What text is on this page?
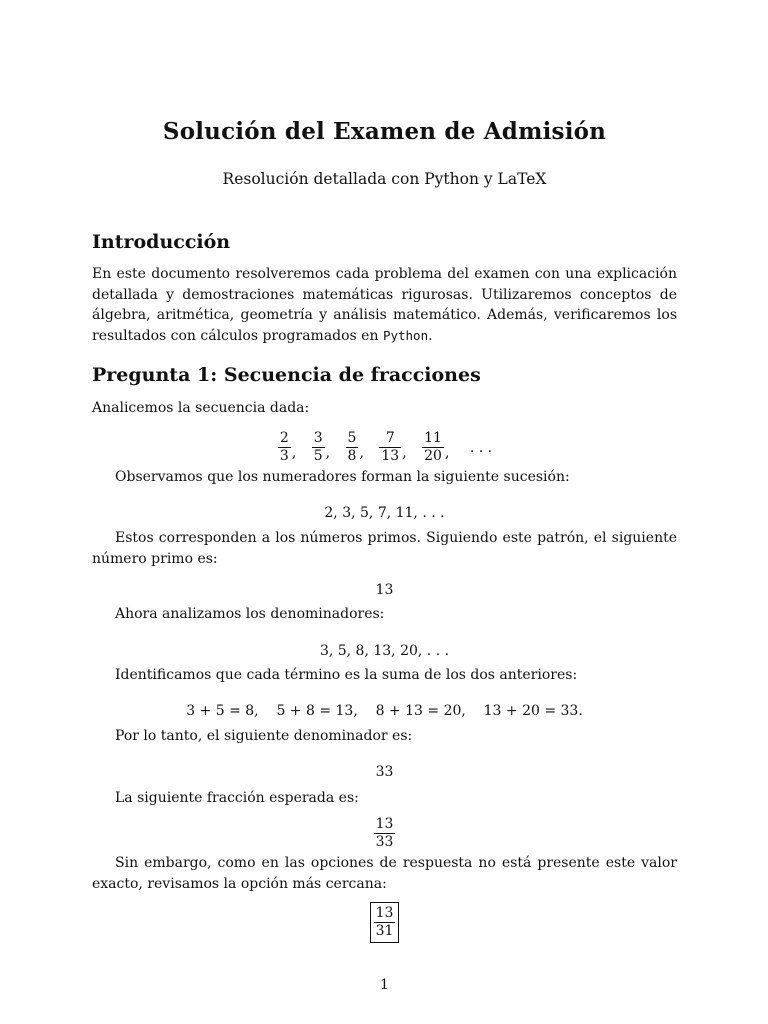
Solución del Examen de Admisión
Resolución detallada con Python y LaTeX
Introducción

En este documento resolveremos cada problema del examen con una explicación detallada y demostraciones matemáticas rigurosas. Utilizaremos conceptos de álgebra, aritmética, geometría y análisis matemático. Además, verificaremos los resultados con cálculos programados en Python.

Pregunta 1: Secuencia de fracciones

Analicemos la secuencia dada:

$\frac{2}{3}$ , $\frac{3}{5}$ , $\frac{5}{8}$ , $\frac{7}{13}$ , $\frac{11}{20}$ , . . .

Observamos que los numeradores forman la siguiente sucesión:

2, 3, 5, 7, 11, . . .

Estos corresponden a los números primos. Siguiendo este patrón, el siguiente número primo es:

13

Ahora analizamos los denominadores:

3, 5, 8, 13, 20, . . .

Identificamos que cada término es la suma de los dos anteriores:

3 + 5 = 8,    5 + 8 = 13,    8 + 13 = 20,    13 + 20 = 33.

Por lo tanto, el siguiente denominador es:

33

La siguiente fracción esperada es:

$\frac{13}{33}$

Sin embargo, como en las opciones de respuesta no está presente este valor exacto, revisamos la opción más cercana:

$\frac{13}{31}$
1
